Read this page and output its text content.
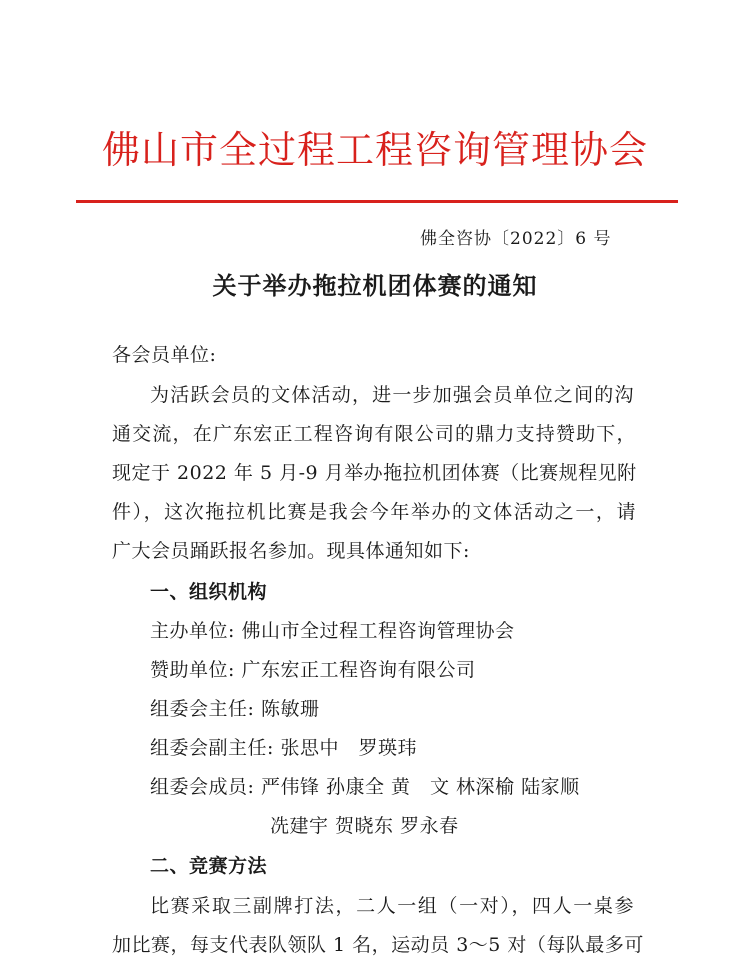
佛山市全过程工程咨询管理协会
佛全咨协〔2022〕6 号
关于举办拖拉机团体赛的通知
各会员单位:
为活跃会员的文体活动，进一步加强会员单位之间的沟
通交流，在广东宏正工程咨询有限公司的鼎力支持赞助下，
现定于 2022 年 5 月-9 月举办拖拉机团体赛（比赛规程见附
件），这次拖拉机比赛是我会今年举办的文体活动之一，请
广大会员踊跃报名参加。现具体通知如下:
一、组织机构
主办单位: 佛山市全过程工程咨询管理协会
赞助单位: 广东宏正工程咨询有限公司
组委会主任: 陈敏珊
组委会副主任: 张思中　罗瑛玮
组委会成员: 严伟锋 孙康全 黄　文 林深榆 陆家顺
冼建宇 贺晓东 罗永春
二、竞赛方法
比赛采取三副牌打法，二人一组（一对），四人一桌参
加比赛，每支代表队领队 1 名，运动员 3～5 对（每队最多可
